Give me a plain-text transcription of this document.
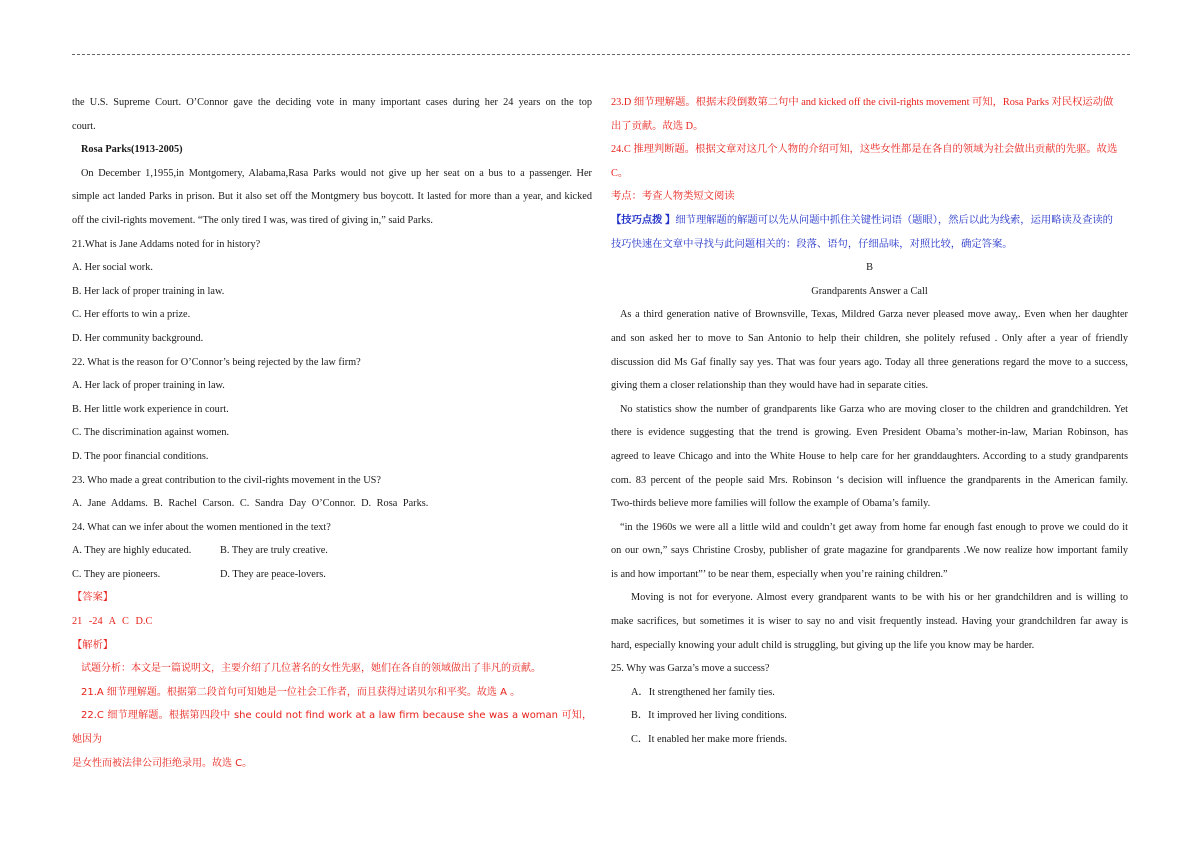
the U.S. Supreme Court. O’Connor gave the deciding vote in many important cases during her 24 years on the top

court.

Rosa Parks(1913-2005)

On December 1,1955,in Montgomery, Alabama,Rasa Parks would not give up her seat on a bus to a passenger. Her

simple act landed Parks in prison. But it also set off the Montgmery bus boycott. It lasted for more than a year, and kicked

off the civil-rights movement. “The only tired I was, was tired of giving in,” said Parks.

21.What is Jane Addams noted for in history?

A. Her social work.

B. Her lack of proper training in law.

C. Her efforts to win a prize.

D. Her community background.

22. What is the reason for O’Connor’s being rejected by the law firm?

A. Her lack of proper training in law.

B. Her little work experience in court.

C. The discrimination against women.

D. The poor financial conditions.

23. Who made a great contribution to the civil-rights movement in the US?

A. Jane Addams. B. Rachel Carson. C. Sandra Day O’Connor. D. Rosa Parks.

24. What can we infer about the women mentioned in the text?

A. They are highly educated.	B. They are truly creative.

C. They are pioneers.	D. They are peace-lovers.

【答案】

21 -24 A C D.C

【解析】

试题分析：本文是一篇说明文，主要介绍了几位著名的女性先驱，她们在各自的领域做出了非凡的贡献。

21.A 细节理解题。根据第二段首句可知她是一位社会工作者，而且获得过诺贝尔和平奖。故选 A 。

22.C 细节理解题。根据第四段中 she could not find work at a law firm because she was a woman 可知，她因为

是女性而被法律公司拒绝录用。故选 C。

23.D 细节理解题。根据末段倒数第二句中 and kicked off the civil-rights movement 可知，Rosa Parks 对民权运动做

出了贡献。故选 D。

24.C 推理判断题。根据文章对这几个人物的介绍可知，这些女性都是在各自的领域为社会做出贡献的先驱。故选

C。

考点：考查人物类短文阅读

【技巧点拨 】细节理解题的解题可以先从问题中抓住关键性词语（题眼），然后以此为线索，运用略读及查读的

技巧快速在文章中寻找与此问题相关的：段落、语句，仔细品味，对照比较，确定答案。

B

Grandparents Answer a Call

As a third generation native of Brownsville, Texas, Mildred Garza never pleased move away,. Even when her daughter

and son asked her to move to San Antonio to help their children, she politely refused . Only after a year of friendly

discussion did Ms Gaf finally say yes. That was four years ago. Today all three generations regard the move to a success,

giving them a closer relationship than they would have had in separate cities.

No statistics show the number of grandparents like Garza who are moving closer to the children and grandchildren. Yet

there is evidence suggesting that the trend is growing. Even President Obama’s mother-in-law, Marian Robinson, has

agreed to leave Chicago and into the White House to help care for her granddaughters. According to a study grandparents

com. 83 percent of the people said Mrs. Robinson ‘s decision will influence the grandparents in the American family.

Two-thirds believe more families will follow the example of Obama’s family.

“in the 1960s we were all a little wild and couldn’t get away from home far enough fast enough to prove we could do it

on our own,” says Christine Crosby, publisher of grate magazine for grandparents .We now realize how important family

is and how important”’ to be near them, especially when you’re raining children.”

Moving is not for everyone. Almost every grandparent wants to be with his or her grandchildren and is willing to

make sacrifices, but sometimes it is wiser to say no and visit frequently instead. Having your grandchildren far away is

hard, especially knowing your adult child is struggling, but giving up the life you know may be harder.

25. Why was Garza’s move a success?

A．It strengthened her family ties.

B．It improved her living conditions.

C．It enabled her make more friends.
